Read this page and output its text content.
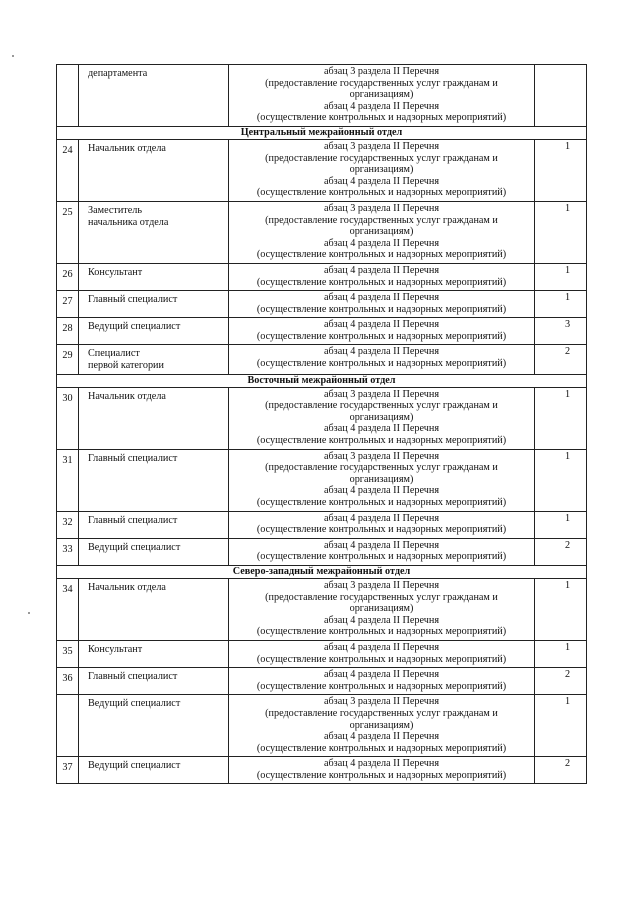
	департамента	абзац 3 раздела II Перечня
(предоставление государственных услуг гражданам и
организациям)
абзац 4 раздела II Перечня
(осуществление контрольных и надзорных мероприятий)	

Центральный межрайонный отдел			

24	Начальник отдела	абзац 3 раздела II Перечня
(предоставление государственных услуг гражданам и
организациям)
абзац 4 раздела II Перечня
(осуществление контрольных и надзорных мероприятий)	1

25	Заместитель
начальника отдела	абзац 3 раздела II Перечня
(предоставление государственных услуг гражданам и
организациям)
абзац 4 раздела II Перечня
(осуществление контрольных и надзорных мероприятий)	1

26	Консультант	абзац 4 раздела II Перечня
(осуществление контрольных и надзорных мероприятий)	1

27	Главный специалист	абзац 4 раздела II Перечня
(осуществление контрольных и надзорных мероприятий)	1

28	Ведущий специалист	абзац 4 раздела II Перечня
(осуществление контрольных и надзорных мероприятий)	3

29	Специалист
первой категории	абзац 4 раздела II Перечня
(осуществление контрольных и надзорных мероприятий)	2

Восточный межрайонный отдел			

30	Начальник отдела	абзац 3 раздела II Перечня
(предоставление государственных услуг гражданам и
организациям)
абзац 4 раздела II Перечня
(осуществление контрольных и надзорных мероприятий)	1

31	Главный специалист	абзац 3 раздела II Перечня
(предоставление государственных услуг гражданам и
организациям)
абзац 4 раздела II Перечня
(осуществление контрольных и надзорных мероприятий)	1

32	Главный специалист	абзац 4 раздела II Перечня
(осуществление контрольных и надзорных мероприятий)	1

33	Ведущий специалист	абзац 4 раздела II Перечня
(осуществление контрольных и надзорных мероприятий)	2

Северо-западный межрайонный отдел			

34	Начальник отдела	абзац 3 раздела II Перечня
(предоставление государственных услуг гражданам и
организациям)
абзац 4 раздела II Перечня
(осуществление контрольных и надзорных мероприятий)	1

35	Консультант	абзац 4 раздела II Перечня
(осуществление контрольных и надзорных мероприятий)	1

36	Главный специалист	абзац 4 раздела II Перечня
(осуществление контрольных и надзорных мероприятий)	2

	Ведущий специалист	абзац 3 раздела II Перечня
(предоставление государственных услуг гражданам и
организациям)
абзац 4 раздела II Перечня
(осуществление контрольных и надзорных мероприятий)	1

37	Ведущий специалист	абзац 4 раздела II Перечня
(осуществление контрольных и надзорных мероприятий)	2
